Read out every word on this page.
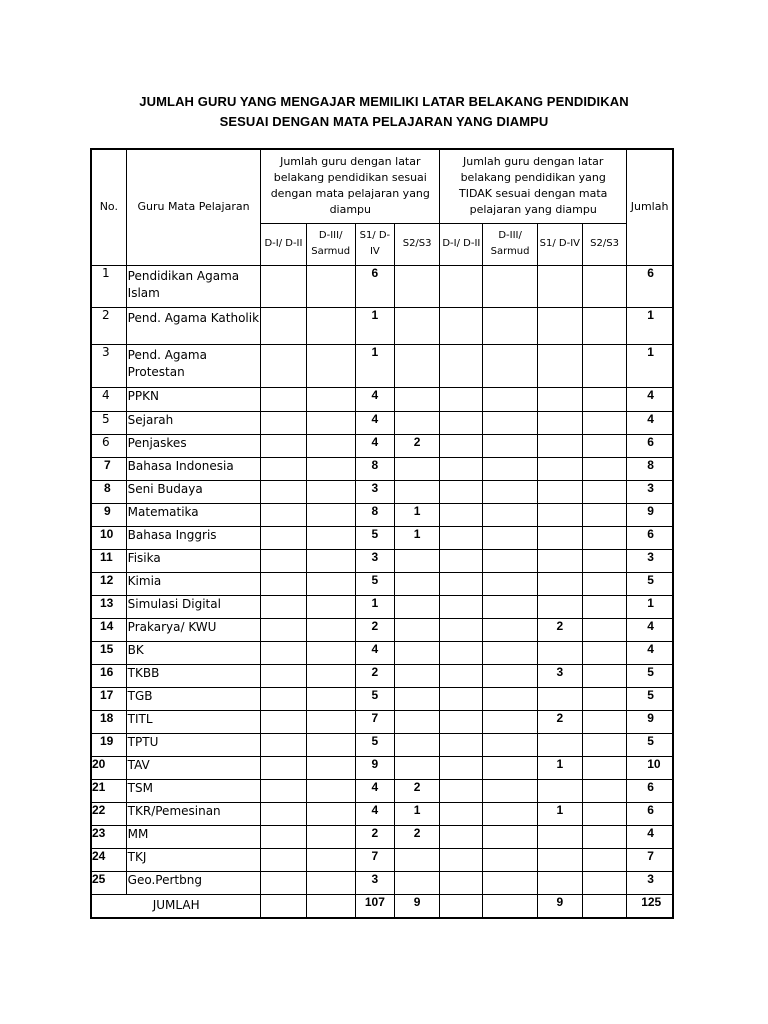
JUMLAH GURU YANG MENGAJAR MEMILIKI LATAR BELAKANG PENDIDIKAN
SESUAI DENGAN MATA PELAJARAN YANG DIAMPU
No.	Guru Mata Pelajaran	Jumlah guru dengan latar belakang pendidikan sesuai dengan mata pelajaran yang diampu				Jumlah guru dengan latar belakang pendidikan yang TIDAK sesuai dengan mata pelajaran yang diampu				Jumlah
		D-I/ D-II	D-III/ Sarmud	S1/ D-IV	S2/S3	D-I/ D-II	D-III/ Sarmud	S1/ D-IV	S2/S3	
1	Pendidikan Agama Islam			6						6
2	Pend. Agama Katholik			1						1
3	Pend. Agama Protestan			1						1
4	PPKN			4						4
5	Sejarah			4						4
6	Penjaskes			4	2					6
7	Bahasa Indonesia			8						8
8	Seni Budaya			3						3
9	Matematika			8	1					9
10	Bahasa Inggris			5	1					6
11	Fisika			3						3
12	Kimia			5						5
13	Simulasi Digital			1						1
14	Prakarya/ KWU			2				2		4
15	BK			4						4
16	TKBB			2				3		5
17	TGB			5						5
18	TITL			7				2		9
19	TPTU			5						5
20	TAV			9				1		10
21	TSM			4	2					6
22	TKR/Pemesinan			4	1			1		6
23	MM			2	2					4
24	TKJ			7						7
25	Geo.Pertbng			3						3
JUMLAH				107	9			9		125
